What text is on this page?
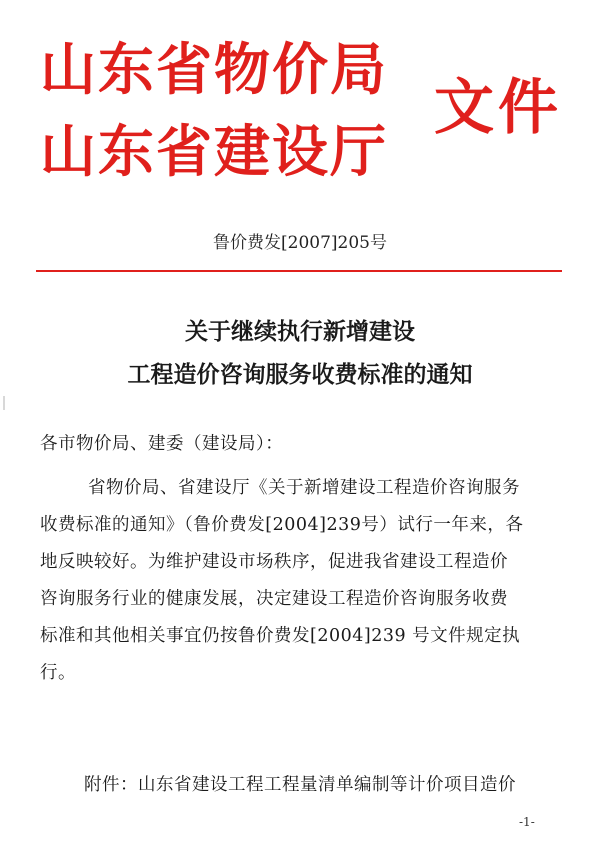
山东省物价局
山东省建设厅
文件
鲁价费发[2007]205号
关于继续执行新增建设
工程造价咨询服务收费标准的通知
各市物价局、建委（建设局）：
省物价局、省建设厅《关于新增建设工程造价咨询服务
收费标准的通知》（鲁价费发[2004]239号）试行一年来，各
地反映较好。为维护建设市场秩序，促进我省建设工程造价
咨询服务行业的健康发展，决定建设工程造价咨询服务收费
标准和其他相关事宜仍按鲁价费发[2004]239 号文件规定执
行。
附件：山东省建设工程工程量清单编制等计价项目造价
-1-
